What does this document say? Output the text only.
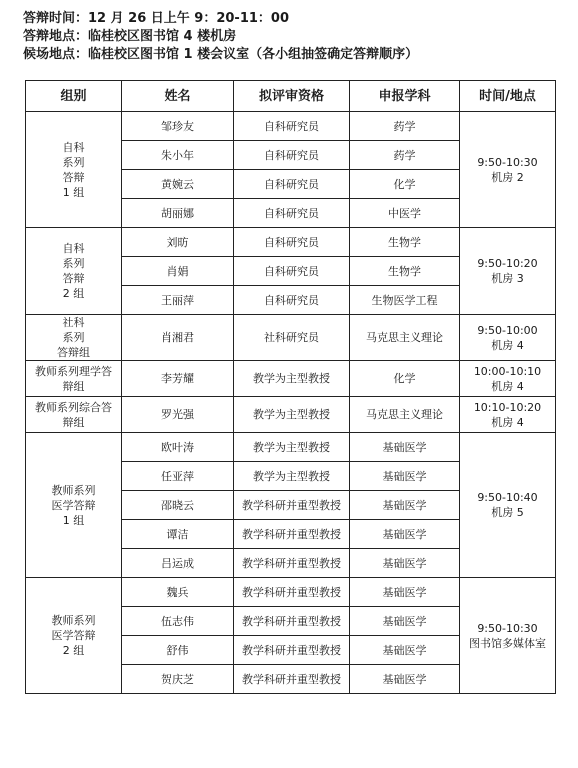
答辩时间：12 月 26 日上午 9：20-11：00
答辩地点：临桂校区图书馆 4 楼机房
候场地点：临桂校区图书馆 1 楼会议室（各小组抽签确定答辩顺序）
组别	姓名	拟评审资格	申报学科	时间/地点
自科
系列
答辩
1 组	邹珍友	自科研究员	药学	9:50-10:30
机房 2
	朱小年	自科研究员	药学	
	黄婉云	自科研究员	化学	
	胡丽娜	自科研究员	中医学	
自科
系列
答辩
2 组	刘昉	自科研究员	生物学	9:50-10:20
机房 3
	肖娟	自科研究员	生物学	
	王丽萍	自科研究员	生物医学工程	
社科
系列
答辩组	肖湘君	社科研究员	马克思主义理论	9:50-10:00
机房 4
教师系列理学答
辩组	李芳耀	教学为主型教授	化学	10:00-10:10
机房 4
教师系列综合答
辩组	罗光强	教学为主型教授	马克思主义理论	10:10-10:20
机房 4
教师系列
医学答辩
1 组	欧叶涛	教学为主型教授	基础医学	9:50-10:40
机房 5
	任亚萍	教学为主型教授	基础医学	
	邵晓云	教学科研并重型教授	基础医学	
	谭洁	教学科研并重型教授	基础医学	
	吕运成	教学科研并重型教授	基础医学	
教师系列
医学答辩
2 组	魏兵	教学科研并重型教授	基础医学	9:50-10:30
图书馆多媒体室
	伍志伟	教学科研并重型教授	基础医学	
	舒伟	教学科研并重型教授	基础医学	
	贺庆芝	教学科研并重型教授	基础医学	
